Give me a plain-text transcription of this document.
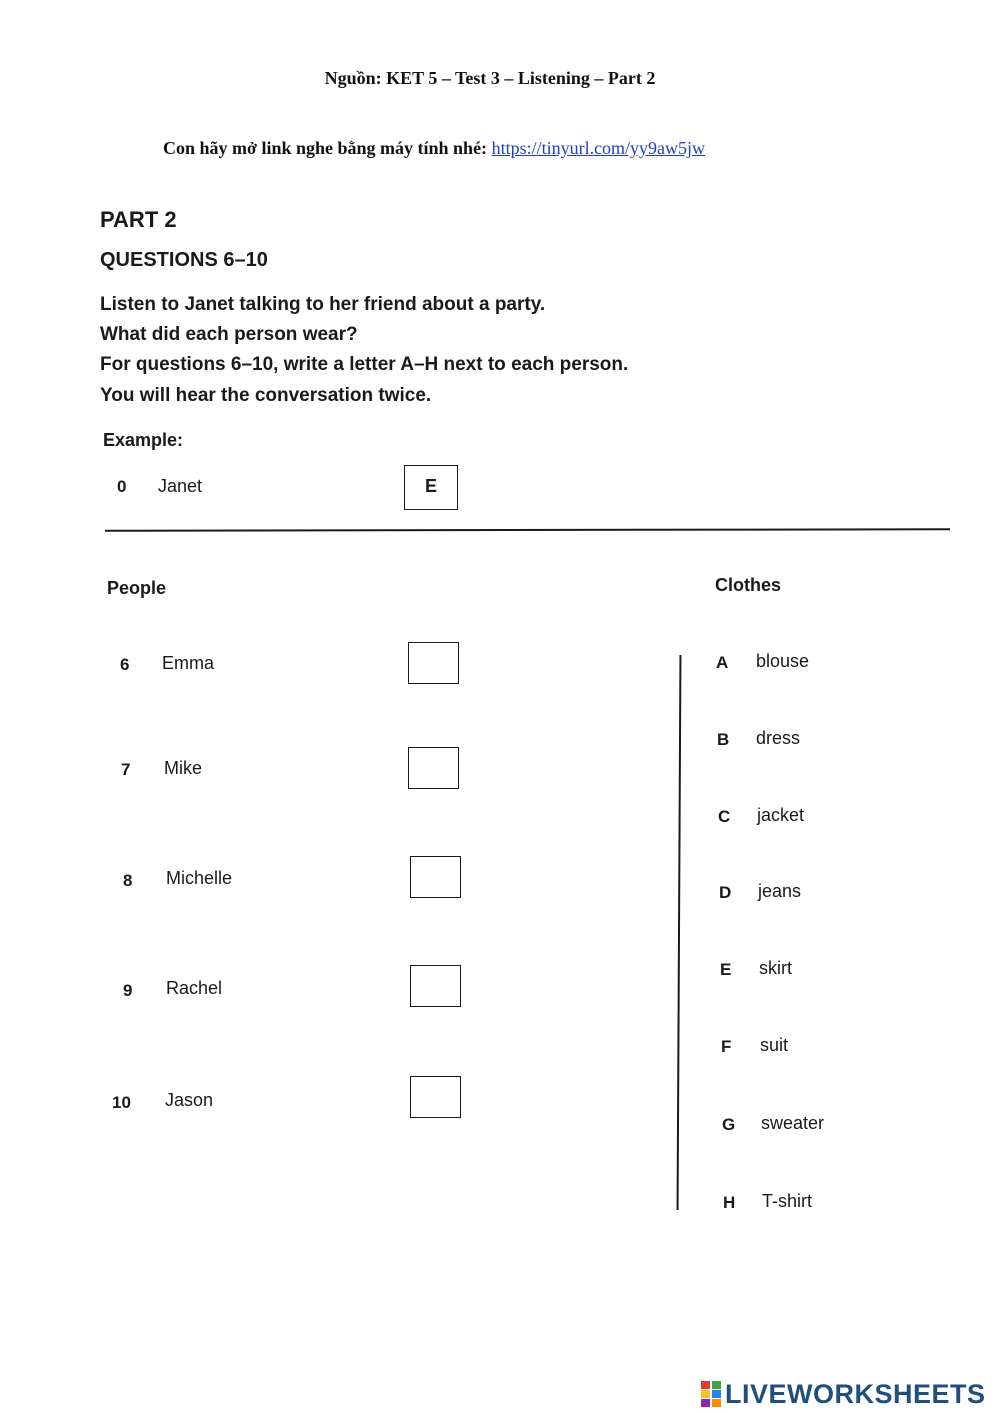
Nguồn: KET 5 – Test 3 – Listening – Part 2
Con hãy mở link nghe bằng máy tính nhé: https://tinyurl.com/yy9aw5jw
PART 2
QUESTIONS 6–10
Listen to Janet talking to her friend about a party.
What did each person wear?
For questions 6–10, write a letter A–H next to each person.
You will hear the conversation twice.
Example:
0 Janet	E
People	Clothes
6 Emma
7 Mike
8 Michelle
9 Rachel
10 Jason
A blouse
B dress
C jacket
D jeans
E skirt
F suit
G sweater
H T-shirt
LIVEWORKSHEETS
